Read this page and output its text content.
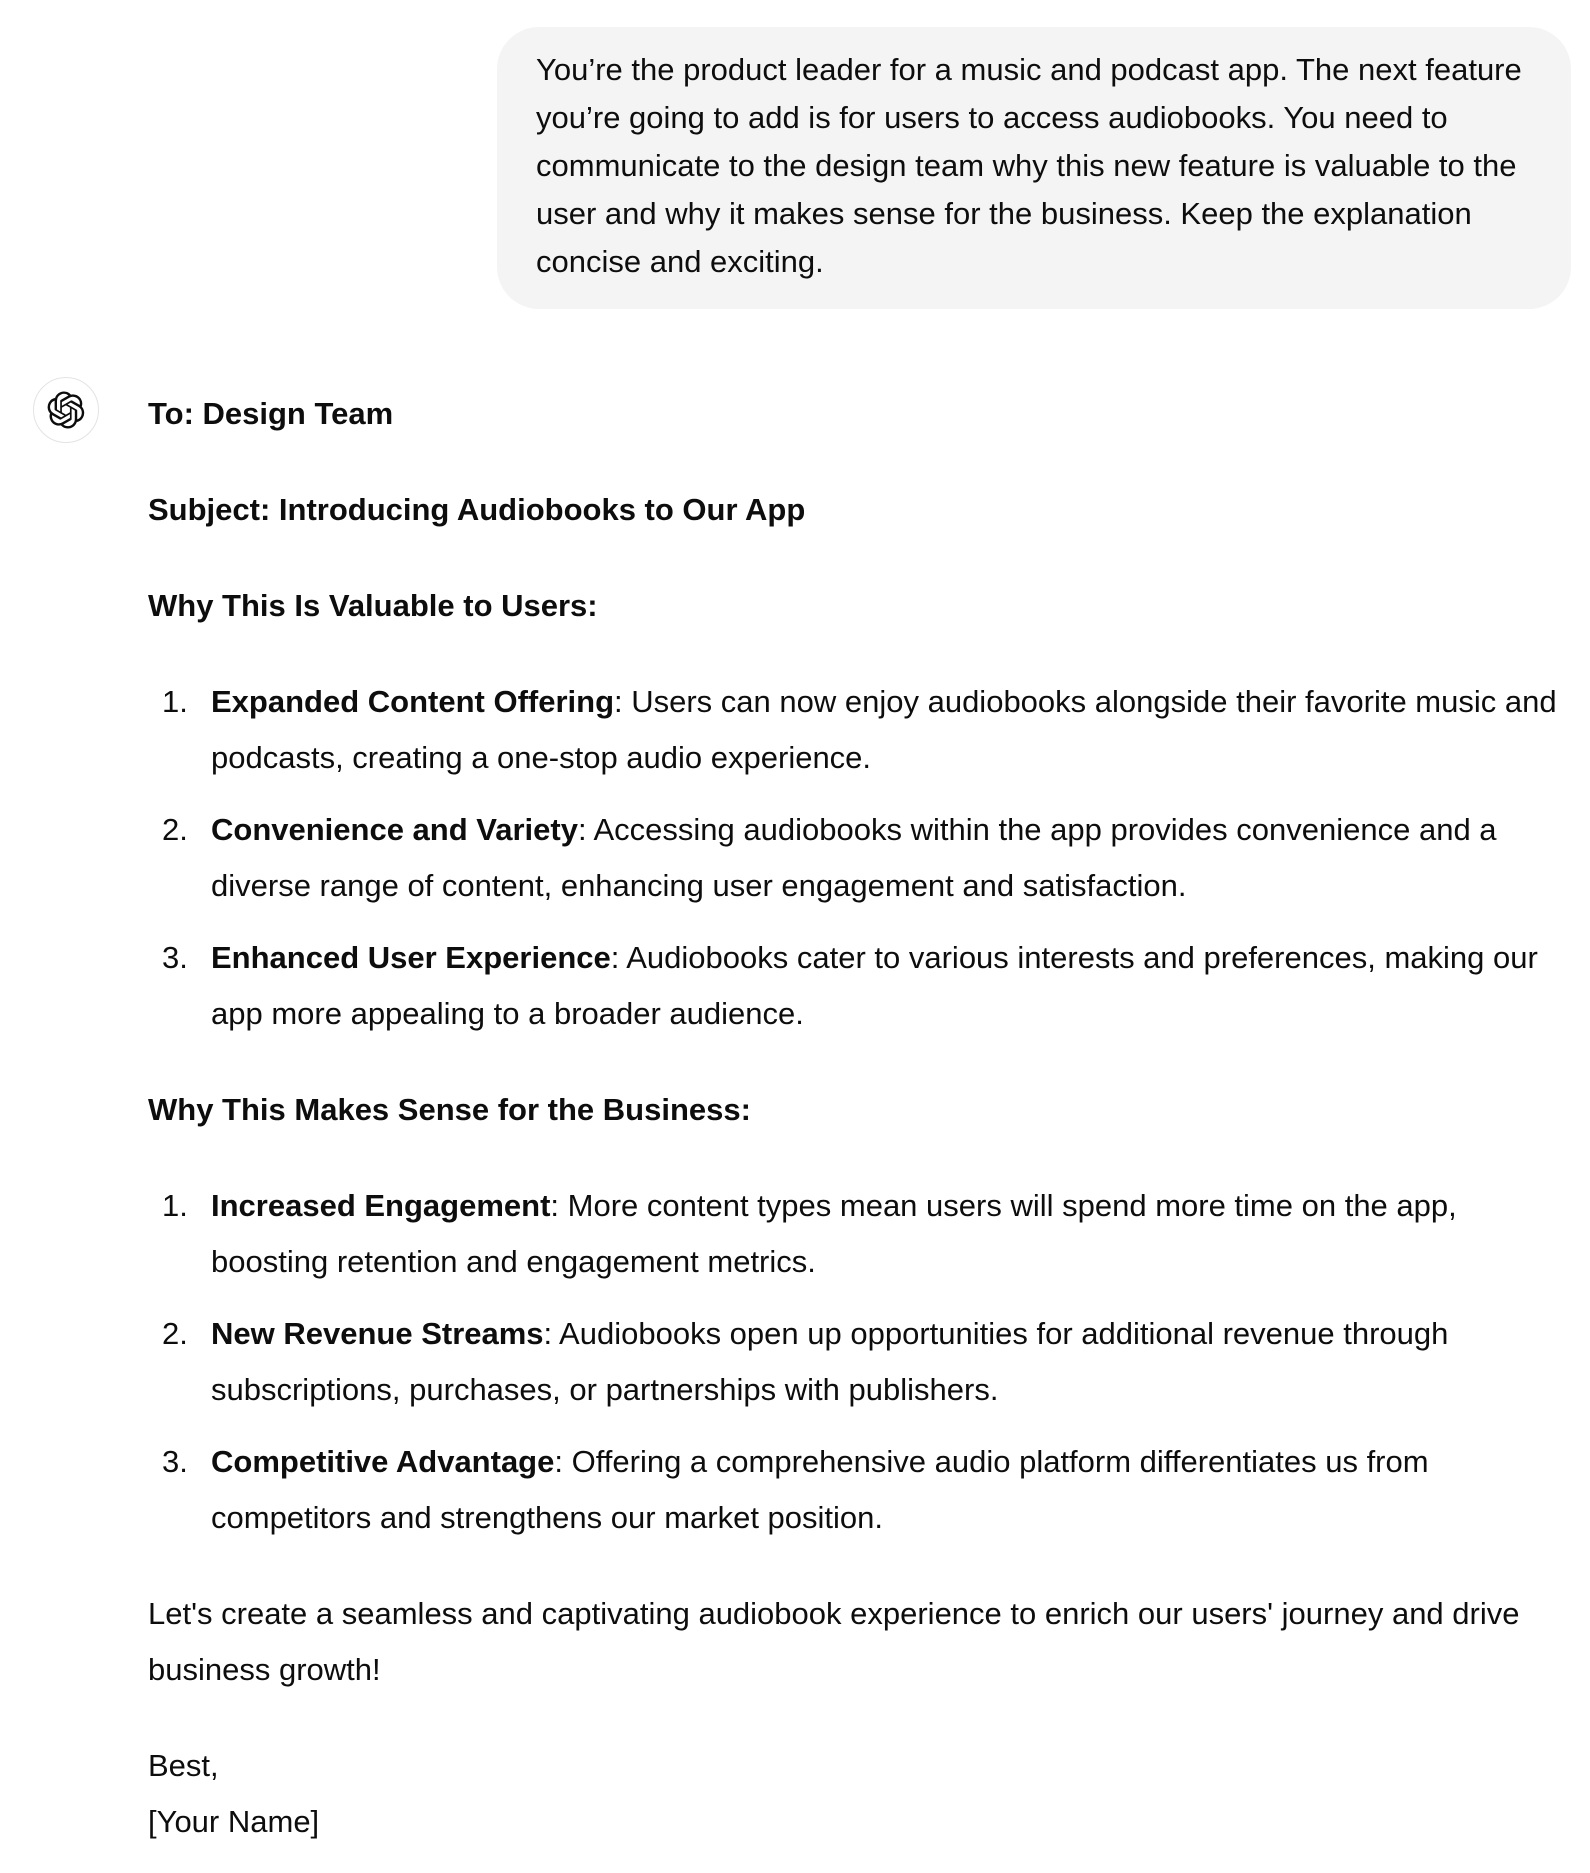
You’re the product leader for a music and podcast app. The next feature you’re going to add is for users to access audiobooks. You need to communicate to the design team why this new feature is valuable to the user and why it makes sense for the business. Keep the explanation concise and exciting.

To: Design Team

Subject: Introducing Audiobooks to Our App

Why This Is Valuable to Users:

1. Expanded Content Offering: Users can now enjoy audiobooks alongside their favorite music and podcasts, creating a one-stop audio experience.
2. Convenience and Variety: Accessing audiobooks within the app provides convenience and a diverse range of content, enhancing user engagement and satisfaction.
3. Enhanced User Experience: Audiobooks cater to various interests and preferences, making our app more appealing to a broader audience.

Why This Makes Sense for the Business:

1. Increased Engagement: More content types mean users will spend more time on the app, boosting retention and engagement metrics.
2. New Revenue Streams: Audiobooks open up opportunities for additional revenue through subscriptions, purchases, or partnerships with publishers.
3. Competitive Advantage: Offering a comprehensive audio platform differentiates us from competitors and strengthens our market position.

Let's create a seamless and captivating audiobook experience to enrich our users' journey and drive business growth!

Best,

[Your Name]
